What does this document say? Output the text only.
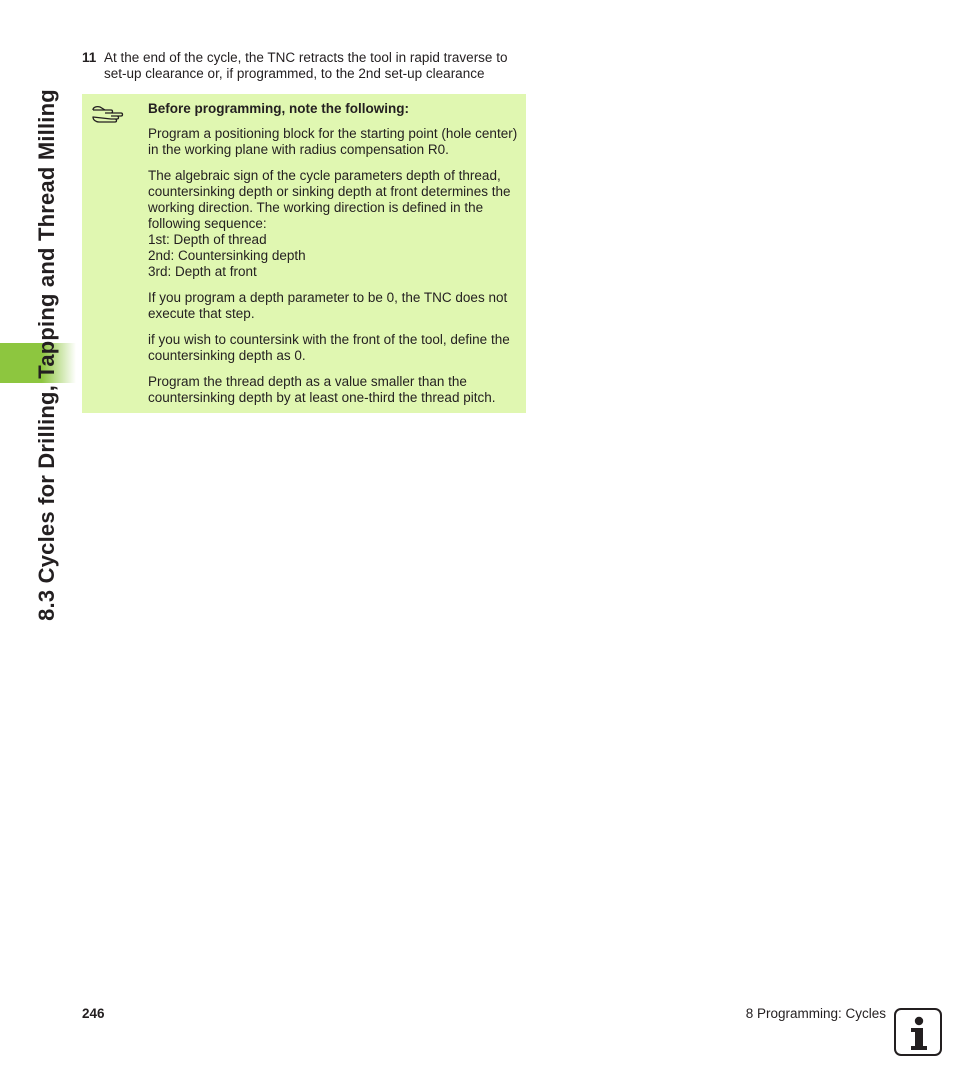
8.3 Cycles for Drilling, Tapping and Thread Milling
11 At the end of the cycle, the TNC retracts the tool in rapid traverse to set-up clearance or, if programmed, to the 2nd set-up clearance

Before programming, note the following:

Program a positioning block for the starting point (hole center) in the working plane with radius compensation R0.

The algebraic sign of the cycle parameters depth of thread, countersinking depth or sinking depth at front determines the working direction. The working direction is defined in the following sequence:
1st: Depth of thread
2nd: Countersinking depth
3rd: Depth at front

If you program a depth parameter to be 0, the TNC does not execute that step.

if you wish to countersink with the front of the tool, define the countersinking depth as 0.

Program the thread depth as a value smaller than the countersinking depth by at least one-third the thread pitch.

246	8 Programming: Cycles
